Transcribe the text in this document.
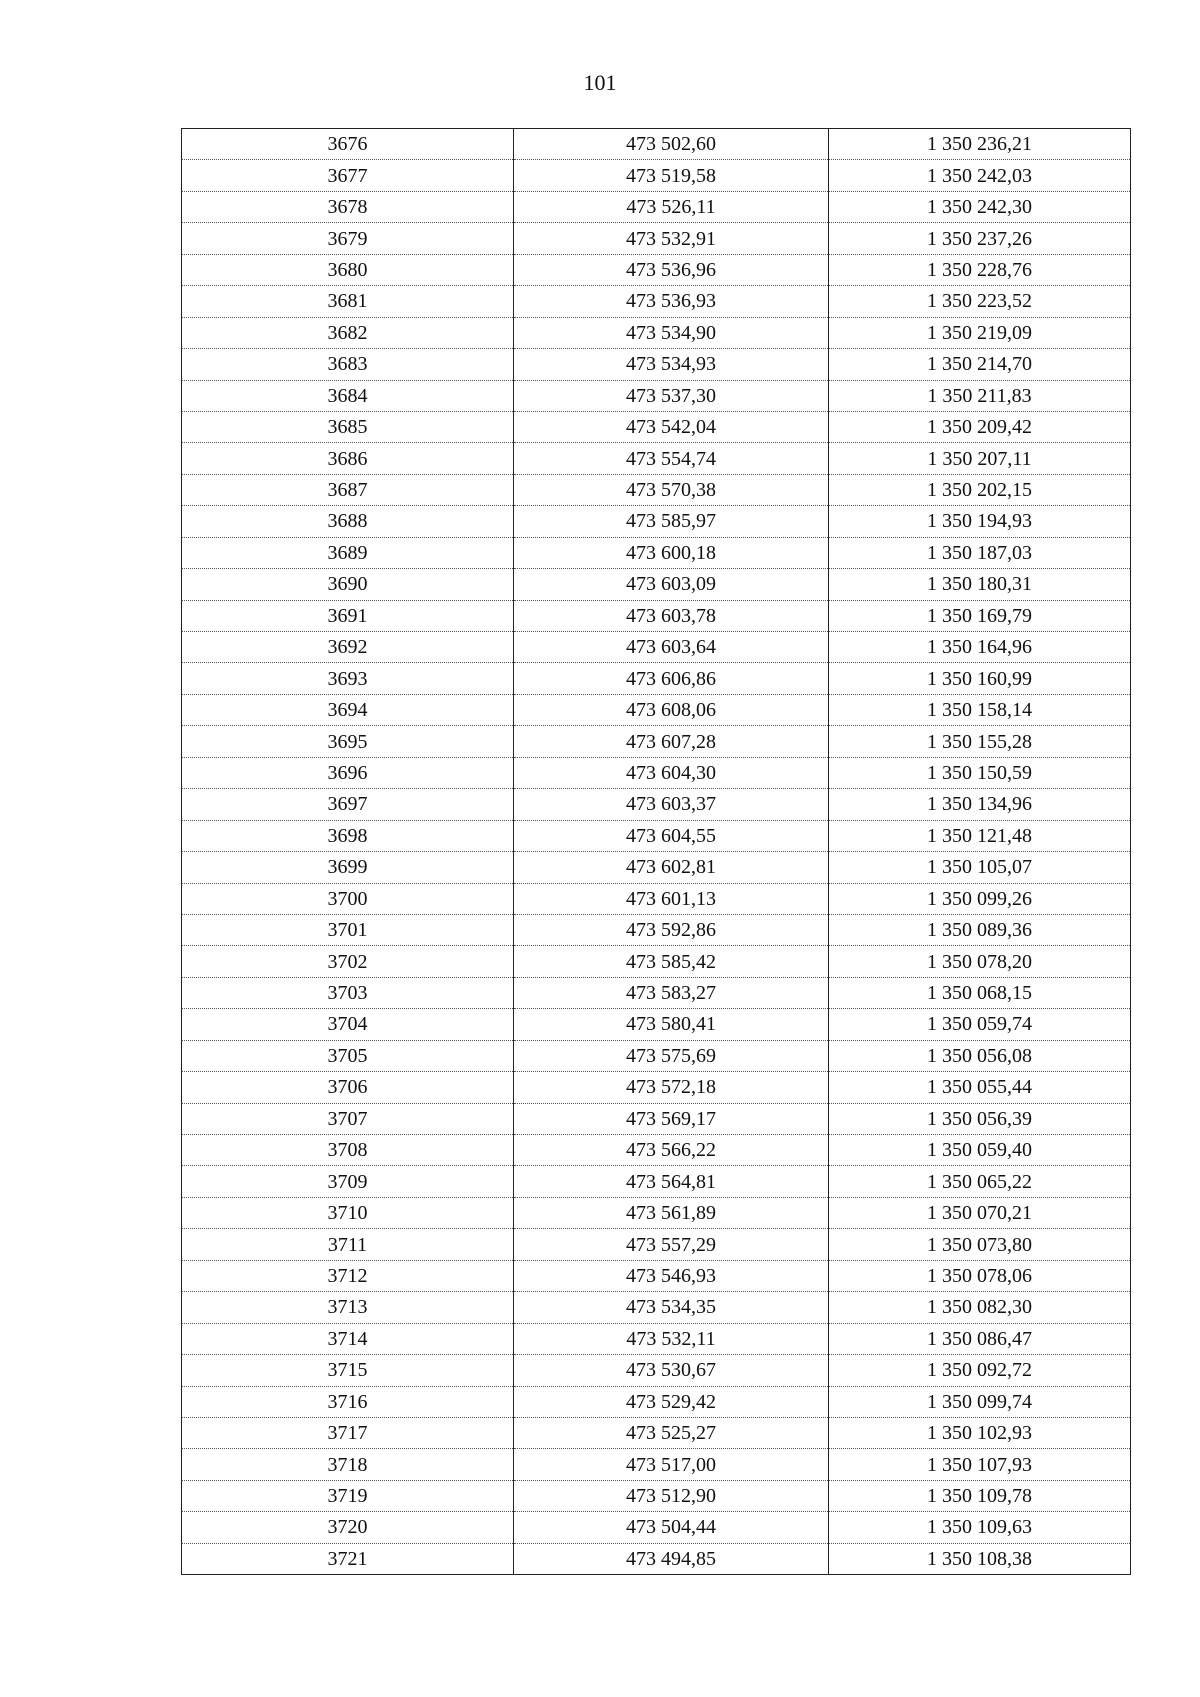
101
3676	473 502,60	1 350 236,21
3677	473 519,58	1 350 242,03
3678	473 526,11	1 350 242,30
3679	473 532,91	1 350 237,26
3680	473 536,96	1 350 228,76
3681	473 536,93	1 350 223,52
3682	473 534,90	1 350 219,09
3683	473 534,93	1 350 214,70
3684	473 537,30	1 350 211,83
3685	473 542,04	1 350 209,42
3686	473 554,74	1 350 207,11
3687	473 570,38	1 350 202,15
3688	473 585,97	1 350 194,93
3689	473 600,18	1 350 187,03
3690	473 603,09	1 350 180,31
3691	473 603,78	1 350 169,79
3692	473 603,64	1 350 164,96
3693	473 606,86	1 350 160,99
3694	473 608,06	1 350 158,14
3695	473 607,28	1 350 155,28
3696	473 604,30	1 350 150,59
3697	473 603,37	1 350 134,96
3698	473 604,55	1 350 121,48
3699	473 602,81	1 350 105,07
3700	473 601,13	1 350 099,26
3701	473 592,86	1 350 089,36
3702	473 585,42	1 350 078,20
3703	473 583,27	1 350 068,15
3704	473 580,41	1 350 059,74
3705	473 575,69	1 350 056,08
3706	473 572,18	1 350 055,44
3707	473 569,17	1 350 056,39
3708	473 566,22	1 350 059,40
3709	473 564,81	1 350 065,22
3710	473 561,89	1 350 070,21
3711	473 557,29	1 350 073,80
3712	473 546,93	1 350 078,06
3713	473 534,35	1 350 082,30
3714	473 532,11	1 350 086,47
3715	473 530,67	1 350 092,72
3716	473 529,42	1 350 099,74
3717	473 525,27	1 350 102,93
3718	473 517,00	1 350 107,93
3719	473 512,90	1 350 109,78
3720	473 504,44	1 350 109,63
3721	473 494,85	1 350 108,38
